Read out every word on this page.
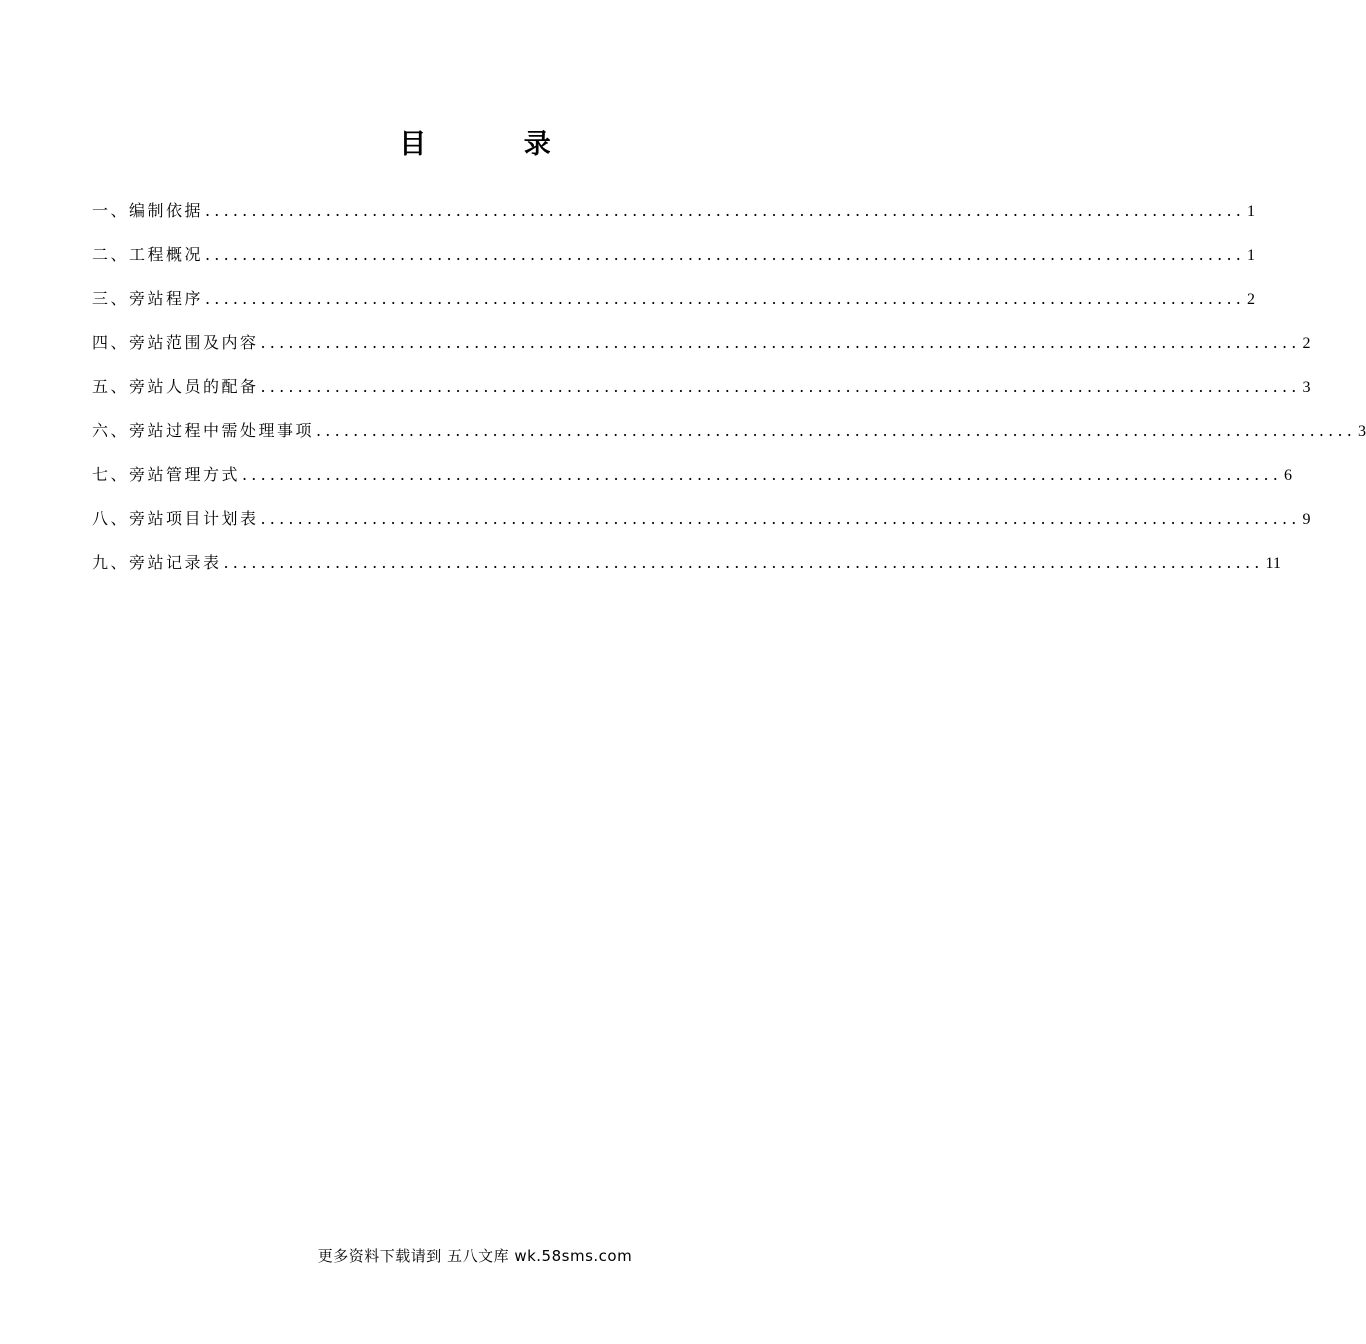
目 录
一、编制依据 ................................................................................................................ 1
二、工程概况 ................................................................................................................ 1
三、旁站程序 ................................................................................................................ 2
四、旁站范围及内容 ................................................................................................................ 2
五、旁站人员的配备 ................................................................................................................ 3
六、旁站过程中需处理事项 ................................................................................................................ 3
七、旁站管理方式 ................................................................................................................ 6
八、旁站项目计划表 ................................................................................................................ 9
九、旁站记录表 ................................................................................................................ 11
更多资料下载请到 五八文库 wk.58sms.com
